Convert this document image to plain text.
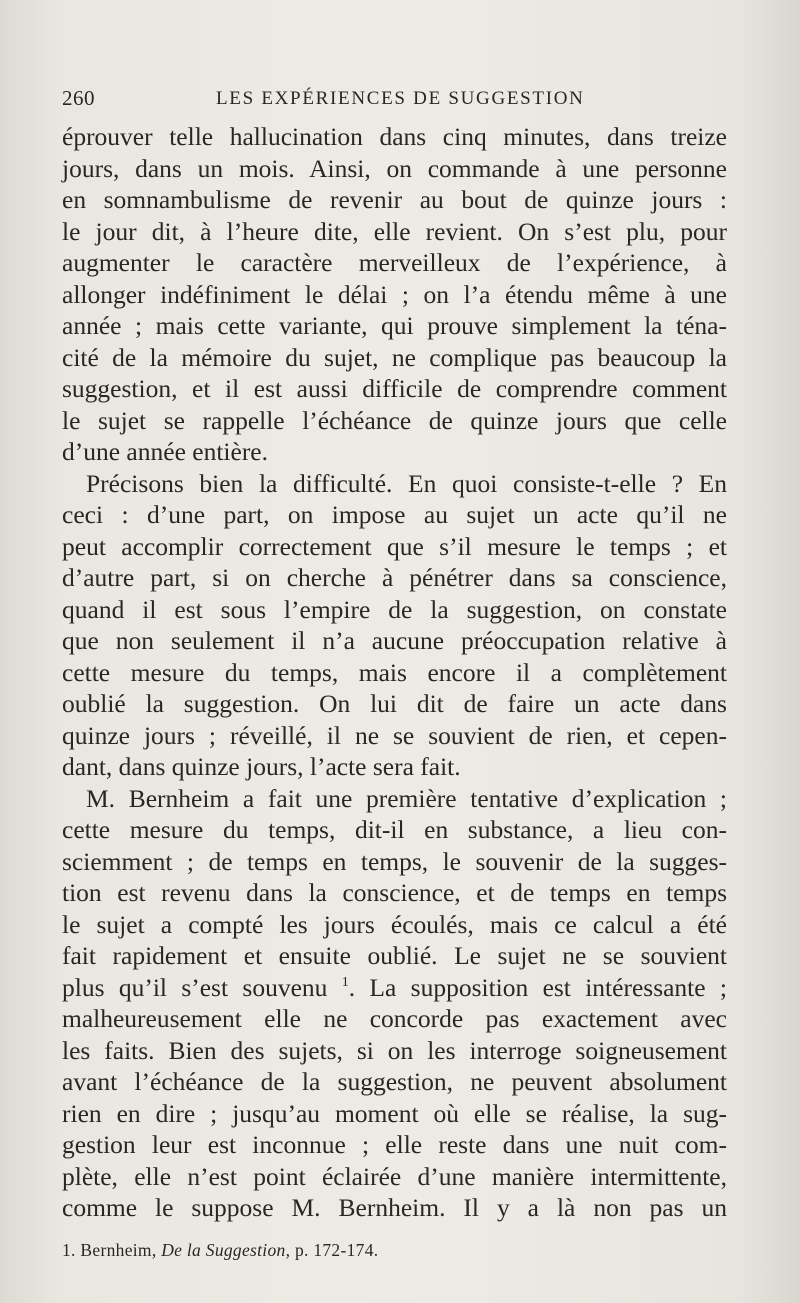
260	LES EXPÉRIENCES DE SUGGESTION
éprouver telle hallucination dans cinq minutes, dans treize
jours, dans un mois. Ainsi, on commande à une personne
en somnambulisme de revenir au bout de quinze jours :
le jour dit, à l’heure dite, elle revient. On s’est plu, pour
augmenter le caractère merveilleux de l’expérience, à
allonger indéfiniment le délai ; on l’a étendu même à une
année ; mais cette variante, qui prouve simplement la téna-
cité de la mémoire du sujet, ne complique pas beaucoup la
suggestion, et il est aussi difficile de comprendre comment
le sujet se rappelle l’échéance de quinze jours que celle
d’une année entière.
Précisons bien la difficulté. En quoi consiste-t-elle ? En
ceci : d’une part, on impose au sujet un acte qu’il ne
peut accomplir correctement que s’il mesure le temps ; et
d’autre part, si on cherche à pénétrer dans sa conscience,
quand il est sous l’empire de la suggestion, on constate
que non seulement il n’a aucune préoccupation relative à
cette mesure du temps, mais encore il a complètement
oublié la suggestion. On lui dit de faire un acte dans
quinze jours ; réveillé, il ne se souvient de rien, et cepen-
dant, dans quinze jours, l’acte sera fait.
M. Bernheim a fait une première tentative d’explication ;
cette mesure du temps, dit-il en substance, a lieu con-
sciemment ; de temps en temps, le souvenir de la sugges-
tion est revenu dans la conscience, et de temps en temps
le sujet a compté les jours écoulés, mais ce calcul a été
fait rapidement et ensuite oublié. Le sujet ne se souvient
plus qu’il s’est souvenu $^1$. La supposition est intéressante ;
malheureusement elle ne concorde pas exactement avec
les faits. Bien des sujets, si on les interroge soigneusement
avant l’échéance de la suggestion, ne peuvent absolument
rien en dire ; jusqu’au moment où elle se réalise, la sug-
gestion leur est inconnue ; elle reste dans une nuit com-
plète, elle n’est point éclairée d’une manière intermittente,
comme le suppose M. Bernheim. Il y a là non pas un
1. Bernheim, De la Suggestion, p. 172-174.
